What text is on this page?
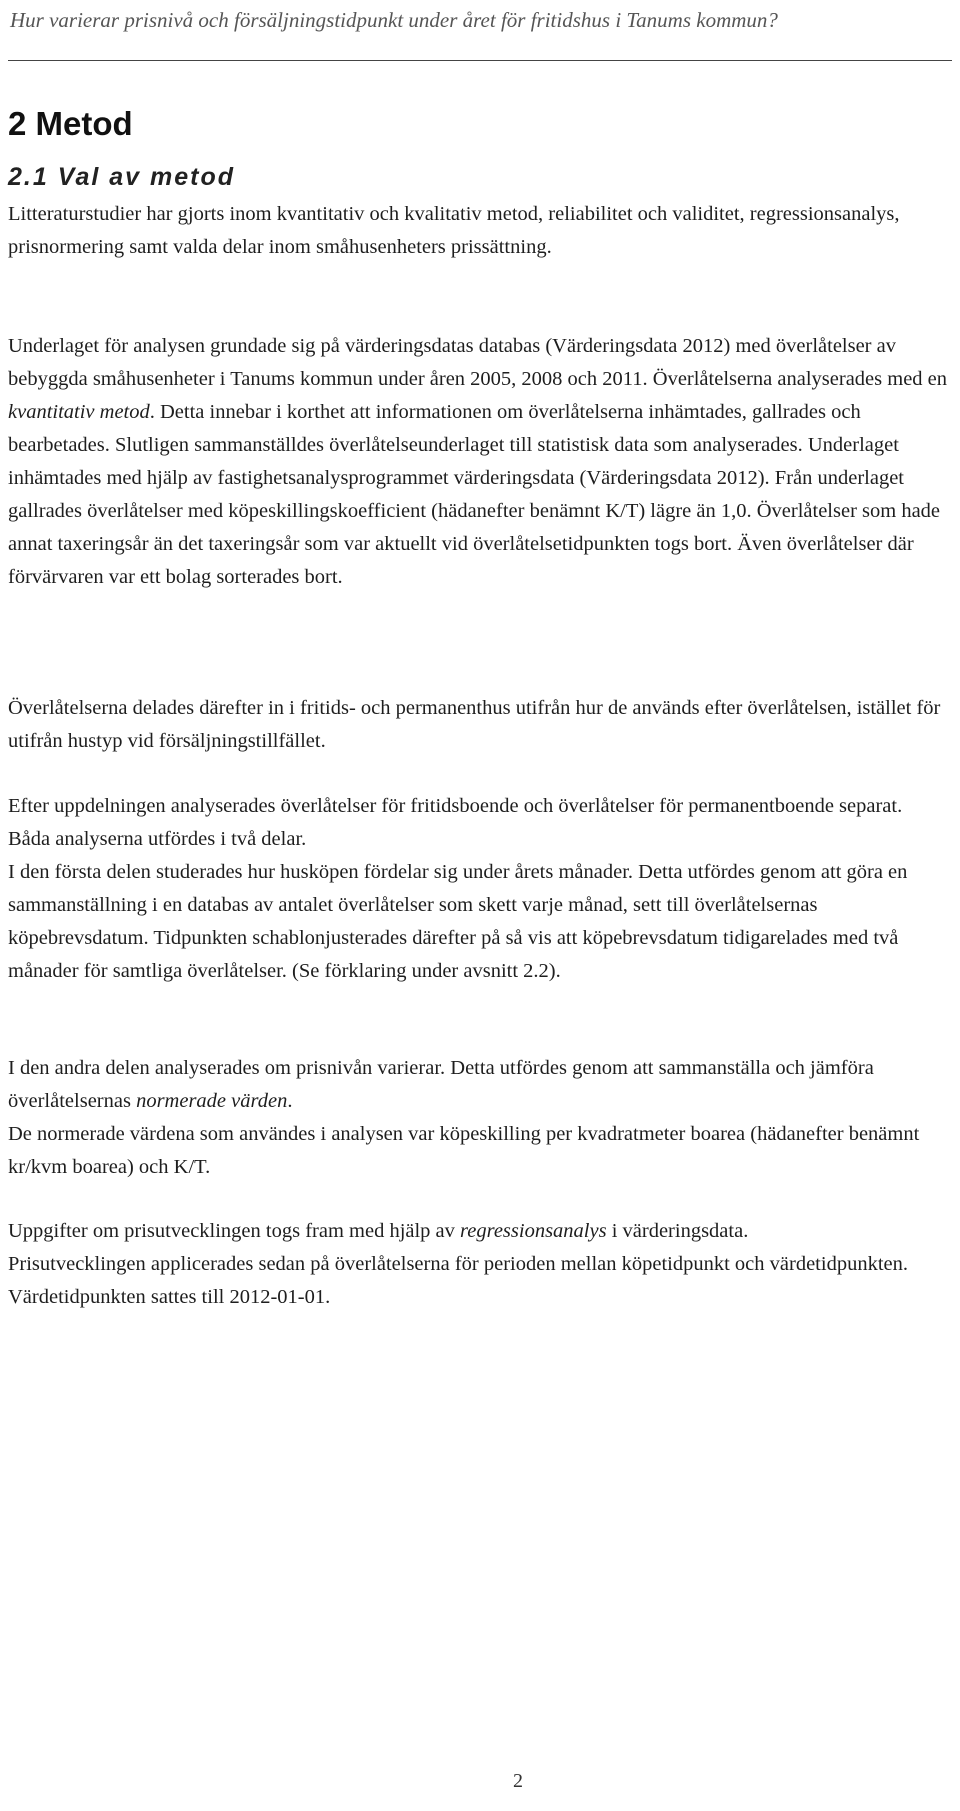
Hur varierar prisnivå och försäljningstidpunkt under året för fritidshus i Tanums kommun?
2 Metod
2.1 Val av metod

Litteraturstudier har gjorts inom kvantitativ och kvalitativ metod, reliabilitet och validitet, regressionsanalys, prisnormering samt valda delar inom småhusenheters prissättning.

Underlaget för analysen grundade sig på värderingsdatas databas (Värderingsdata 2012) med överlåtelser av bebyggda småhusenheter i Tanums kommun under åren 2005, 2008 och 2011. Överlåtelserna analyserades med en kvantitativ metod. Detta innebar i korthet att informationen om överlåtelserna inhämtades, gallrades och bearbetades. Slutligen sammanställdes överlåtelseunderlaget till statistisk data som analyserades. Underlaget inhämtades med hjälp av fastighetsanalysprogrammet värderingsdata (Värderingsdata 2012). Från underlaget gallrades överlåtelser med köpeskillingskoefficient (hädanefter benämnt K/T) lägre än 1,0. Överlåtelser som hade annat taxeringsår än det taxeringsår som var aktuellt vid överlåtelsetidpunkten togs bort. Även överlåtelser där förvärvaren var ett bolag sorterades bort.

Överlåtelserna delades därefter in i fritids- och permanenthus utifrån hur de används efter överlåtelsen, istället för utifrån hustyp vid försäljningstillfället.

Efter uppdelningen analyserades överlåtelser för fritidsboende och överlåtelser för permanentboende separat. Båda analyserna utfördes i två delar.

I den första delen studerades hur husköpen fördelar sig under årets månader. Detta utfördes genom att göra en sammanställning i en databas av antalet överlåtelser som skett varje månad, sett till överlåtelsernas köpebrevsdatum. Tidpunkten schablonjusterades därefter på så vis att köpebrevsdatum tidigarelades med två månader för samtliga överlåtelser. (Se förklaring under avsnitt 2.2).

I den andra delen analyserades om prisnivån varierar. Detta utfördes genom att sammanställa och jämföra överlåtelsernas normerade värden.

De normerade värdena som användes i analysen var köpeskilling per kvadratmeter boarea (hädanefter benämnt kr/kvm boarea) och K/T.

Uppgifter om prisutvecklingen togs fram med hjälp av regressionsanalys i värderingsdata.

Prisutvecklingen applicerades sedan på överlåtelserna för perioden mellan köpetidpunkt och värdetidpunkten. Värdetidpunkten sattes till 2012-01-01.

2
